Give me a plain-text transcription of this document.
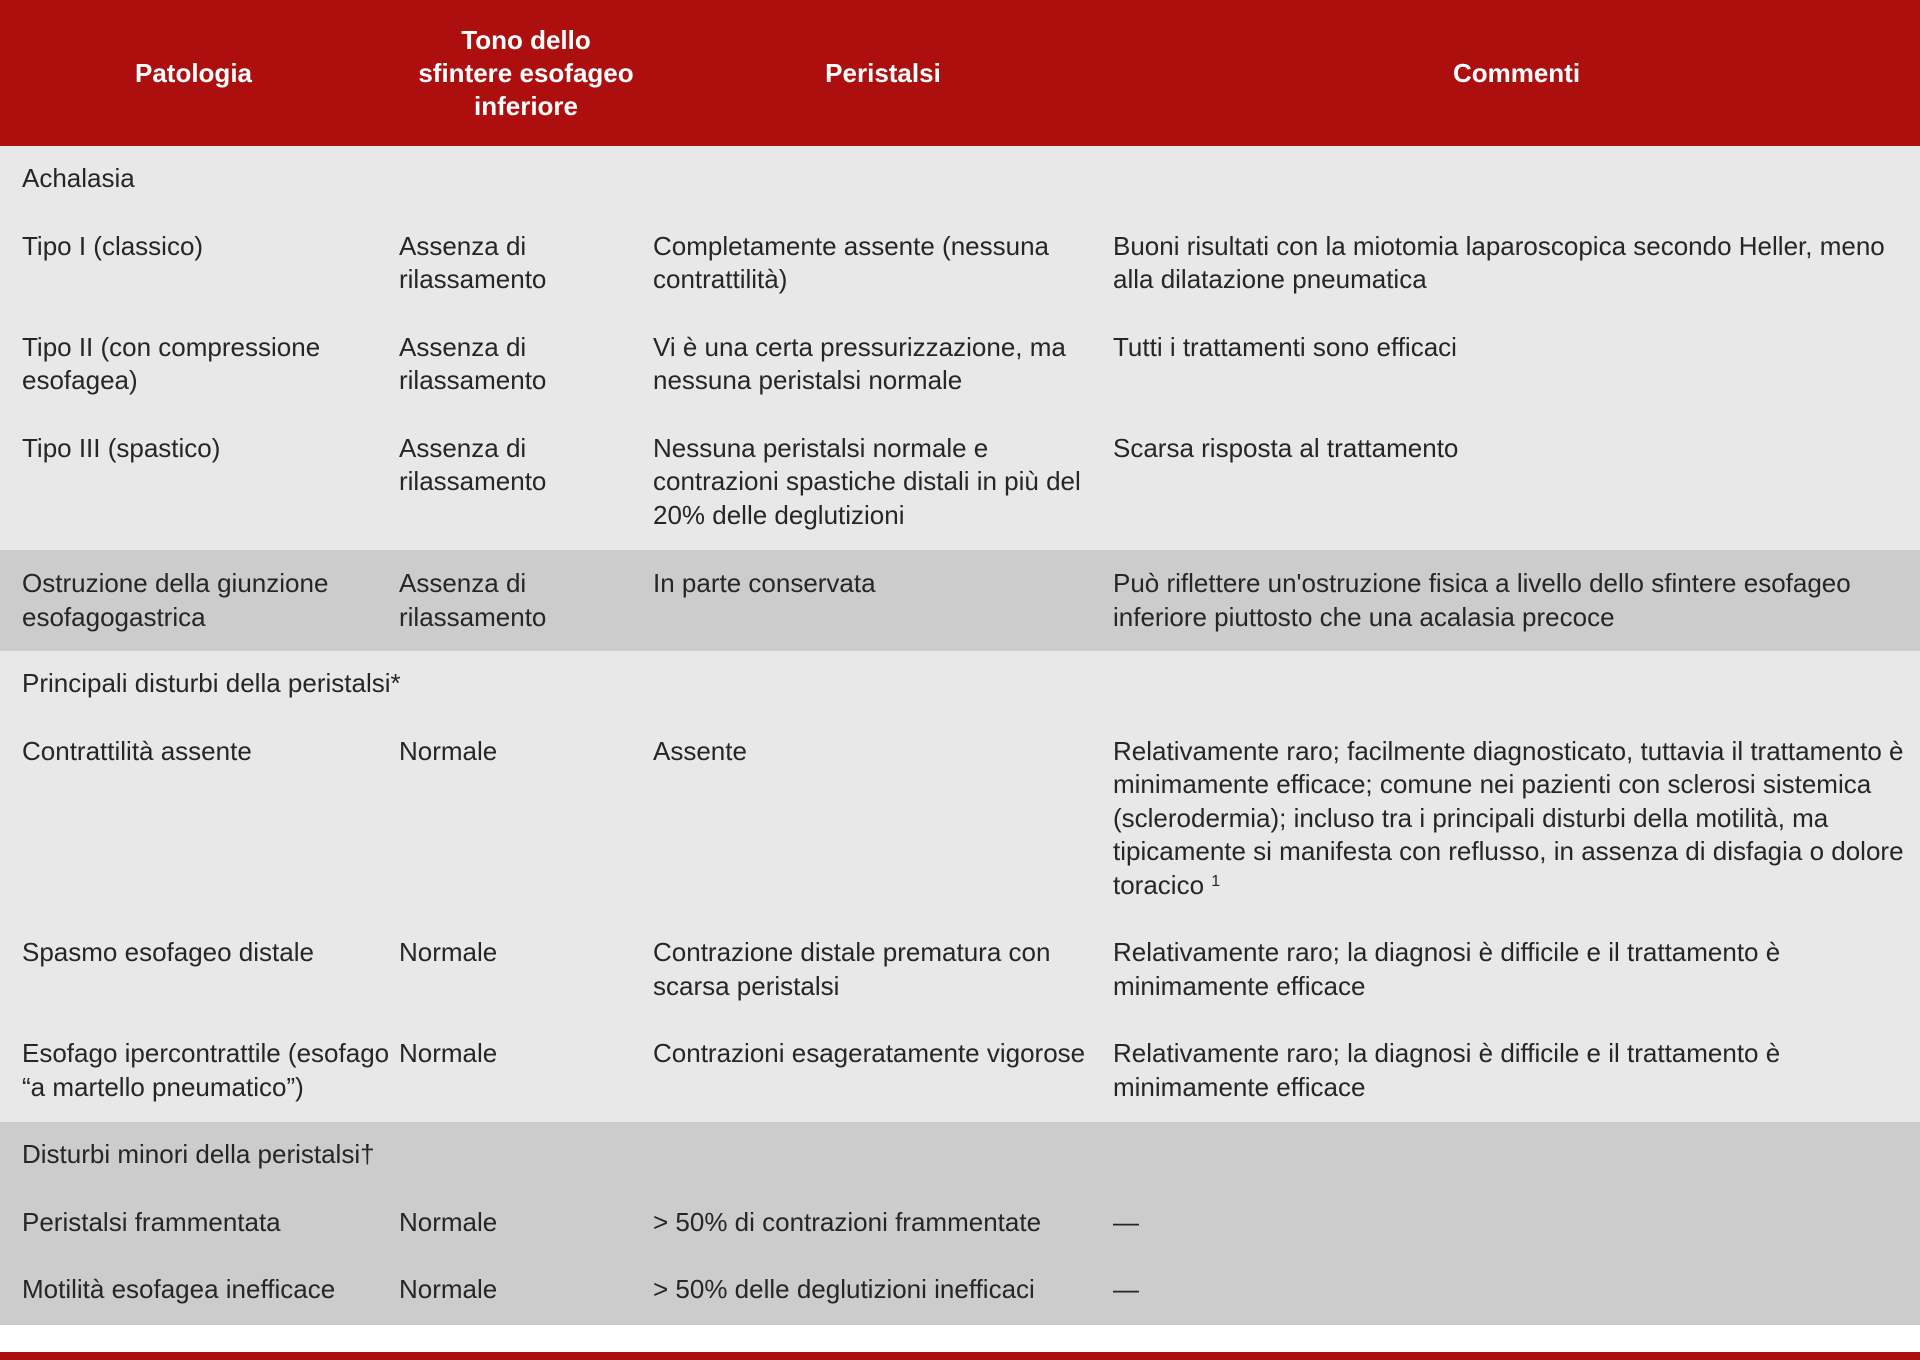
Patologia	Tono dello sfintere esofageo inferiore	Peristalsi	Commenti
Achalasia			
Tipo I (classico)	Assenza di rilassamento	Completamente assente (nessuna contrattilità)	Buoni risultati con la miotomia laparoscopica secondo Heller, meno alla dilatazione pneumatica
Tipo II (con compressione esofagea)	Assenza di rilassamento	Vi è una certa pressurizzazione, ma nessuna peristalsi normale	Tutti i trattamenti sono efficaci
Tipo III (spastico)	Assenza di rilassamento	Nessuna peristalsi normale e contrazioni spastiche distali in più del 20% delle deglutizioni	Scarsa risposta al trattamento
Ostruzione della giunzione esofagogastrica	Assenza di rilassamento	In parte conservata	Può riflettere un'ostruzione fisica a livello dello sfintere esofageo inferiore piuttosto che una acalasia precoce
Principali disturbi della peristalsi*			
Contrattilità assente	Normale	Assente	Relativamente raro; facilmente diagnosticato, tuttavia il trattamento è minimamente efficace; comune nei pazienti con sclerosi sistemica (sclerodermia); incluso tra i principali disturbi della motilità, ma tipicamente si manifesta con reflusso, in assenza di disfagia o dolore toracico $^1$
Spasmo esofageo distale	Normale	Contrazione distale prematura con scarsa peristalsi	Relativamente raro; la diagnosi è difficile e il trattamento è minimamente efficace
Esofago ipercontrattile (esofago “a martello pneumatico”)	Normale	Contrazioni esageratamente vigorose	Relativamente raro; la diagnosi è difficile e il trattamento è minimamente efficace
Disturbi minori della peristalsi†			
Peristalsi frammentata	Normale	> 50% di contrazioni frammentate	—
Motilità esofagea inefficace	Normale	> 50% delle deglutizioni inefficaci	—
